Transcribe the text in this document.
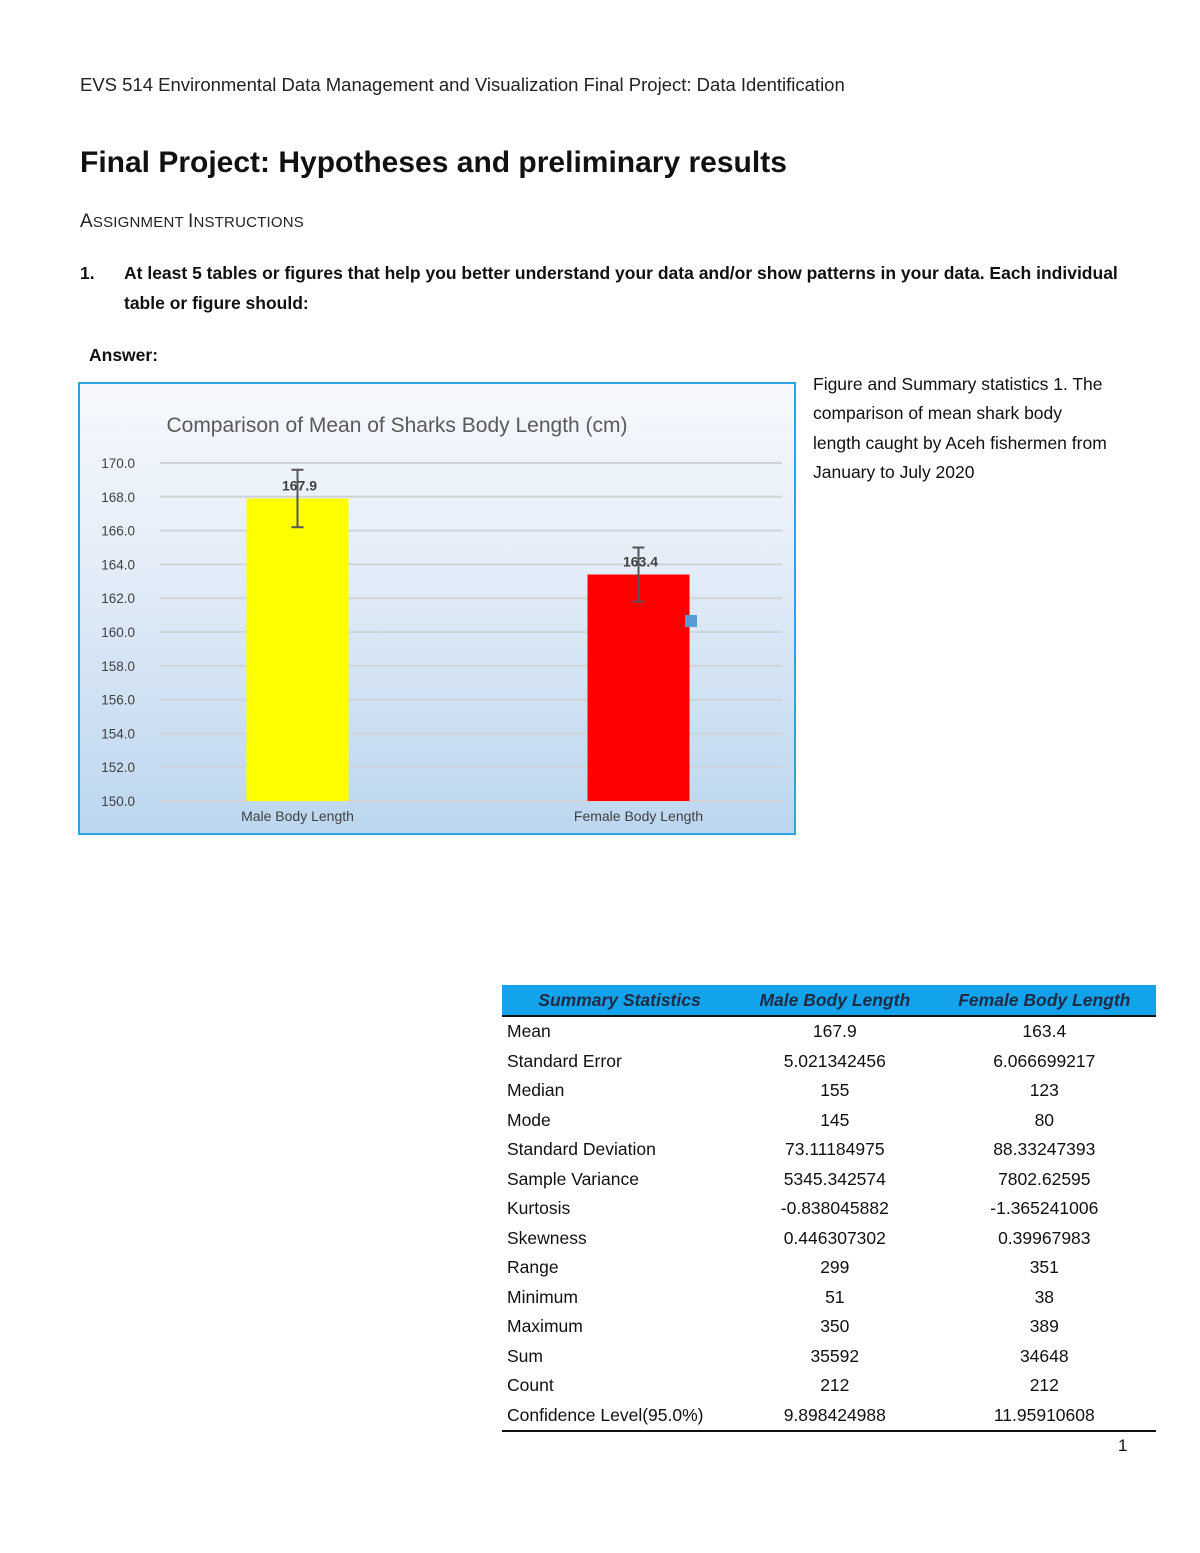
EVS 514 Environmental Data Management and Visualization Final Project: Data Identification
Final Project: Hypotheses and preliminary results
ASSIGNMENT INSTRUCTIONS
1. At least 5 tables or figures that help you better understand your data and/or show patterns in your data. Each individual table or figure should:
Answer:
Comparison of Mean of Sharks Body Length (cm)
150.0
152.0
154.0
156.0
158.0
160.0
162.0
164.0
166.0
168.0
170.0
167.9
Male Body Length
163.4
Female Body Length
Figure and Summary statistics 1. The comparison of mean shark body length caught by Aceh fishermen from January to July 2020
Summary Statistics	Male Body Length	Female Body Length
Mean	167.9	163.4
Standard Error	5.021342456	6.066699217
Median	155	123
Mode	145	80
Standard Deviation	73.11184975	88.33247393
Sample Variance	5345.342574	7802.62595
Kurtosis	-0.838045882	-1.365241006
Skewness	0.446307302	0.39967983
Range	299	351
Minimum	51	38
Maximum	350	389
Sum	35592	34648
Count	212	212
Confidence Level(95.0%)	9.898424988	11.95910608
1
